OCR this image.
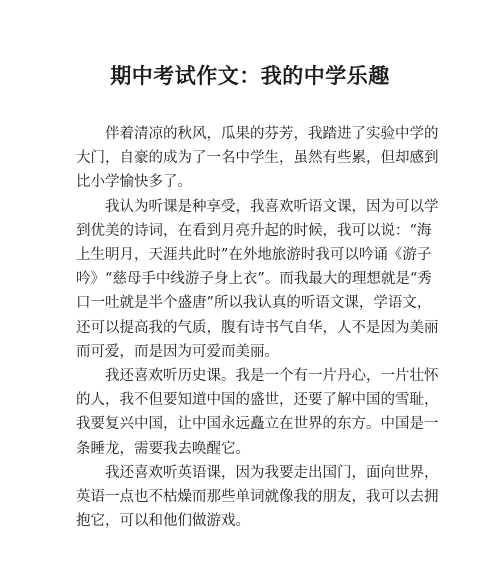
期中考试作文：我的中学乐趣

伴着清凉的秋风，瓜果的芬芳，我踏进了实验中学的
大门，自豪的成为了一名中学生，虽然有些累，但却感到
比小学愉快多了。

我认为听课是种享受，我喜欢听语文课，因为可以学
到优美的诗词，在看到月亮升起的时候，我可以说：“海
上生明月，天涯共此时”在外地旅游时我可以吟诵《游子
吟》“慈母手中线游子身上衣”。而我最大的理想就是“秀
口一吐就是半个盛唐”所以我认真的听语文课，学语文，
还可以提高我的气质，腹有诗书气自华，人不是因为美丽
而可爱，而是因为可爱而美丽。

我还喜欢听历史课。我是一个有一片丹心，一片壮怀
的人，我不但要知道中国的盛世，还要了解中国的雪耻，
我要复兴中国，让中国永远矗立在世界的东方。中国是一
条睡龙，需要我去唤醒它。

我还喜欢听英语课，因为我要走出国门，面向世界，
英语一点也不枯燥而那些单词就像我的朋友，我可以去拥
抱它，可以和他们做游戏。
